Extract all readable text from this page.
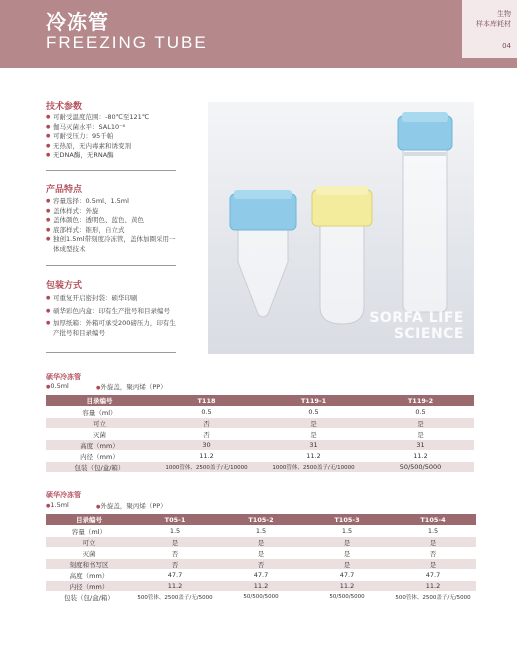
冷冻管
FREEZING TUBE
生物
样本库耗材
04
技术参数
● 可耐受温度范围：-80℃至121℃
● 伽马灭菌水平：SAL10⁻⁶
● 可耐受压力：95千帕
● 无热原，无内毒素和诱变剂
● 无DNA酶，无RNA酶
产品特点
● 容量选择：0.5ml、1.5ml
● 盖体样式：外旋
● 盖体颜色：透明色、蓝色、黄色
● 底部样式：锥形，自立式
● 独创1.5ml带刻度冷冻管，盖体加圈采用一体成型技术
包装方式
● 可重复开启密封袋：硕华印刷
● 硕华彩色内盒：印有生产批号和目录编号
● 加厚纸箱：外箱可承受200磅压力，印有生产批号和目录编号
SORFA LIFE
SCIENCE
硕华冷冻管
●0.5ml	●外旋盖，聚丙烯（PP）
目录编号	T118	T119-1	T119-2
容量（ml）	0.5	0.5	0.5
可立	否	是	是
灭菌	否	是	是
高度（mm）	30	31	31
内径（mm）	11.2	11.2	11.2
包装（包/盒/箱）	1000管体、2500盖子/无/10000	1000管体、2500盖子/无/10000	50/500/5000
硕华冷冻管
●1.5ml	●外旋盖，聚丙烯（PP）
目录编号	T05-1	T105-2	T105-3	T105-4
容量（ml）	1.5	1.5	1.5	1.5
可立	是	是	是	是
灭菌	否	是	是	否
刻度和书写区	否	否	是	是
高度（mm）	47.7	47.7	47.7	47.7
内径（mm）	11.2	11.2	11.2	11.2
包装（包/盒/箱）	500管体、2500盖子/无/5000	50/500/5000	50/500/5000	500管体、2500盖子/无/5000
